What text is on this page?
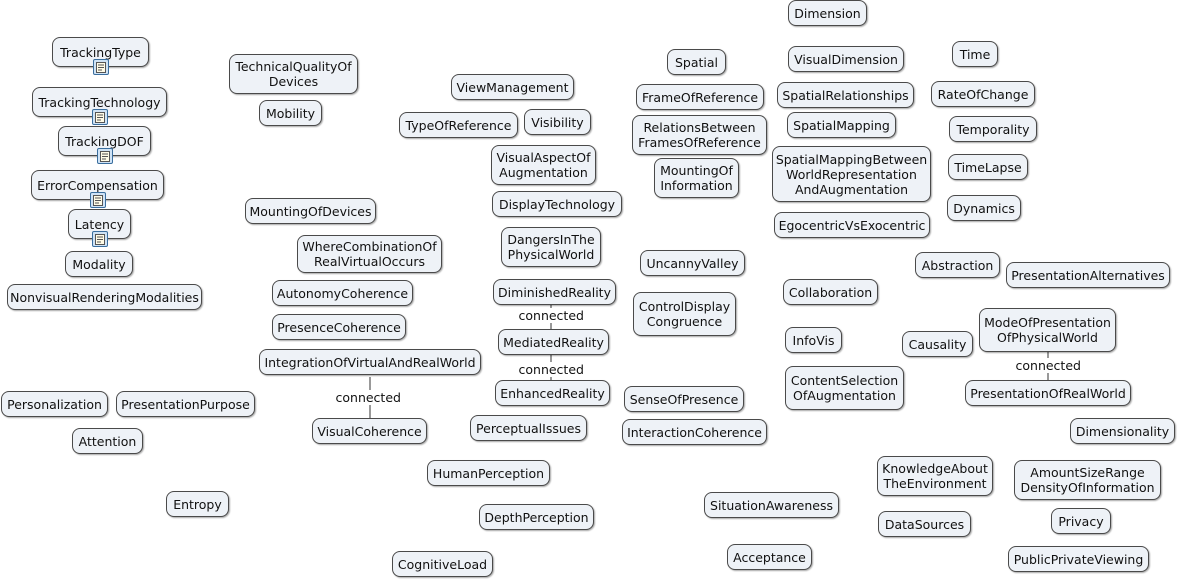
connected
connected
connected
connected
Dimension
TrackingType
TrackingTechnology
TrackingDOF
ErrorCompensation
Latency
Modality
NonvisualRenderingModalities
TechnicalQualityOf
Devices
Mobility
ViewManagement
TypeOfReference	Visibility
Spatial
FrameOfReference
VisualDimension
SpatialRelationships
Time
RateOfChange
RelationsBetween
FramesOfReference
SpatialMapping	Temporality
VisualAspectOf
Augmentation	MountingOf
Information
SpatialMappingBetween
WorldRepresentation
AndAugmentation
TimeLapse
DisplayTechnology	Dynamics
MountingOfDevices
EgocentricVsExocentric
DangersInThe
PhysicalWorld
WhereCombinationOf
RealVirtualOccurs	UncannyValley	Abstraction
PresentationAlternatives
AutonomyCoherence	DiminishedReality	Collaboration
ControlDisplay
Congruence	ModeOfPresentation
OfPhysicalWorld
PresenceCoherence
MediatedReality	InfoVis	Causality
IntegrationOfVirtualAndRealWorld
ContentSelection
OfAugmentation
EnhancedReality	PresentationOfRealWorld
SenseOfPresence
Personalization	PresentationPurpose
VisualCoherence	PerceptualIssues	InteractionCoherence	Dimensionality
Attention
HumanPerception	KnowledgeAbout
TheEnvironment
AmountSizeRange
DensityOfInformation
Entropy	SituationAwareness
DepthPerception	Privacy
DataSources
Acceptance
CognitiveLoad	PublicPrivateViewing
